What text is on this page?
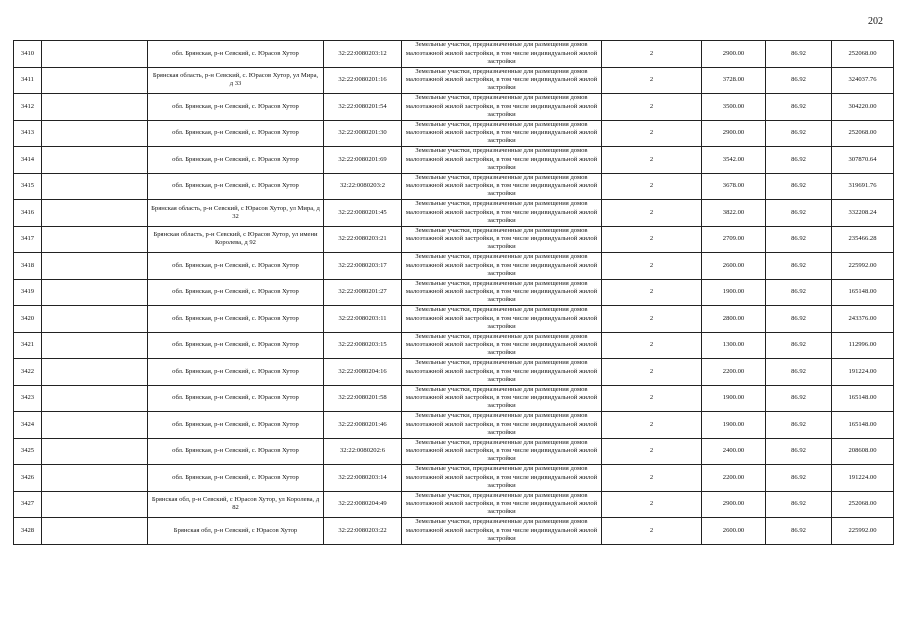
202
3410		обл. Брянская, р-н Севский, с. Юрасов Хутор	32:22:0080203:12	Земельные участки, предназначенные для размещения домов малоэтажной жилой застройки, в том числе индивидуальной жилой застройки	2	2900.00	86.92	252068.00
3411		Брянская область, р-н Севский, с. Юрасов Хутор, ул Мира, д 33	32:22:0080201:16	Земельные участки, предназначенные для размещения домов малоэтажной жилой застройки, в том числе индивидуальной жилой застройки	2	3728.00	86.92	324037.76
3412		обл. Брянская, р-н Севский, с. Юрасов Хутор	32:22:0080201:54	Земельные участки, предназначенные для размещения домов малоэтажной жилой застройки, в том числе индивидуальной жилой застройки	2	3500.00	86.92	304220.00
3413		обл. Брянская, р-н Севский, с. Юрасов Хутор	32:22:0080201:30	Земельные участки, предназначенные для размещения домов малоэтажной жилой застройки, в том числе индивидуальной жилой застройки	2	2900.00	86.92	252068.00
3414		обл. Брянская, р-н Севский, с. Юрасов Хутор	32:22:0080201:69	Земельные участки, предназначенные для размещения домов малоэтажной жилой застройки, в том числе индивидуальной жилой застройки	2	3542.00	86.92	307870.64
3415		обл. Брянская, р-н Севский, с. Юрасов Хутор	32:22:0080203:2	Земельные участки, предназначенные для размещения домов малоэтажной жилой застройки, в том числе индивидуальной жилой застройки	2	3678.00	86.92	319691.76
3416		Брянская область, р-н Севский, с Юрасов Хутор, ул Мира, д 32	32:22:0080201:45	Земельные участки, предназначенные для размещения домов малоэтажной жилой застройки, в том числе индивидуальной жилой застройки	2	3822.00	86.92	332208.24
3417		Брянская область, р-н Севский, с Юрасов Хутор, ул имени Королева, д 92	32:22:0080203:21	Земельные участки, предназначенные для размещения домов малоэтажной жилой застройки, в том числе индивидуальной жилой застройки	2	2709.00	86.92	235466.28
3418		обл. Брянская, р-н Севский, с. Юрасов Хутор	32:22:0080203:17	Земельные участки, предназначенные для размещения домов малоэтажной жилой застройки, в том числе индивидуальной жилой застройки	2	2600.00	86.92	225992.00
3419		обл. Брянская, р-н Севский, с. Юрасов Хутор	32:22:0080201:27	Земельные участки, предназначенные для размещения домов малоэтажной жилой застройки, в том числе индивидуальной жилой застройки	2	1900.00	86.92	165148.00
3420		обл. Брянская, р-н Севский, с. Юрасов Хутор	32:22:0080203:11	Земельные участки, предназначенные для размещения домов малоэтажной жилой застройки, в том числе индивидуальной жилой застройки	2	2800.00	86.92	243376.00
3421		обл. Брянская, р-н Севский, с. Юрасов Хутор	32:22:0080203:15	Земельные участки, предназначенные для размещения домов малоэтажной жилой застройки, в том числе индивидуальной жилой застройки	2	1300.00	86.92	112996.00
3422		обл. Брянская, р-н Севский, с. Юрасов Хутор	32:22:0080204:16	Земельные участки, предназначенные для размещения домов малоэтажной жилой застройки, в том числе индивидуальной жилой застройки	2	2200.00	86.92	191224.00
3423		обл. Брянская, р-н Севский, с. Юрасов Хутор	32:22:0080201:58	Земельные участки, предназначенные для размещения домов малоэтажной жилой застройки, в том числе индивидуальной жилой застройки	2	1900.00	86.92	165148.00
3424		обл. Брянская, р-н Севский, с. Юрасов Хутор	32:22:0080201:46	Земельные участки, предназначенные для размещения домов малоэтажной жилой застройки, в том числе индивидуальной жилой застройки	2	1900.00	86.92	165148.00
3425		обл. Брянская, р-н Севский, с. Юрасов Хутор	32:22:0080202:6	Земельные участки, предназначенные для размещения домов малоэтажной жилой застройки, в том числе индивидуальной жилой застройки	2	2400.00	86.92	208608.00
3426		обл. Брянская, р-н Севский, с. Юрасов Хутор	32:22:0080203:14	Земельные участки, предназначенные для размещения домов малоэтажной жилой застройки, в том числе индивидуальной жилой застройки	2	2200.00	86.92	191224.00
3427		Брянская обл, р-н Севский, с Юрасов Хутор, ул Королева, д 82	32:22:0080204:49	Земельные участки, предназначенные для размещения домов малоэтажной жилой застройки, в том числе индивидуальной жилой застройки	2	2900.00	86.92	252068.00
3428		Брянская обл, р-н Севский, с Юрасов Хутор	32:22:0080203:22	Земельные участки, предназначенные для размещения домов малоэтажной жилой застройки, в том числе индивидуальной жилой застройки	2	2600.00	86.92	225992.00
